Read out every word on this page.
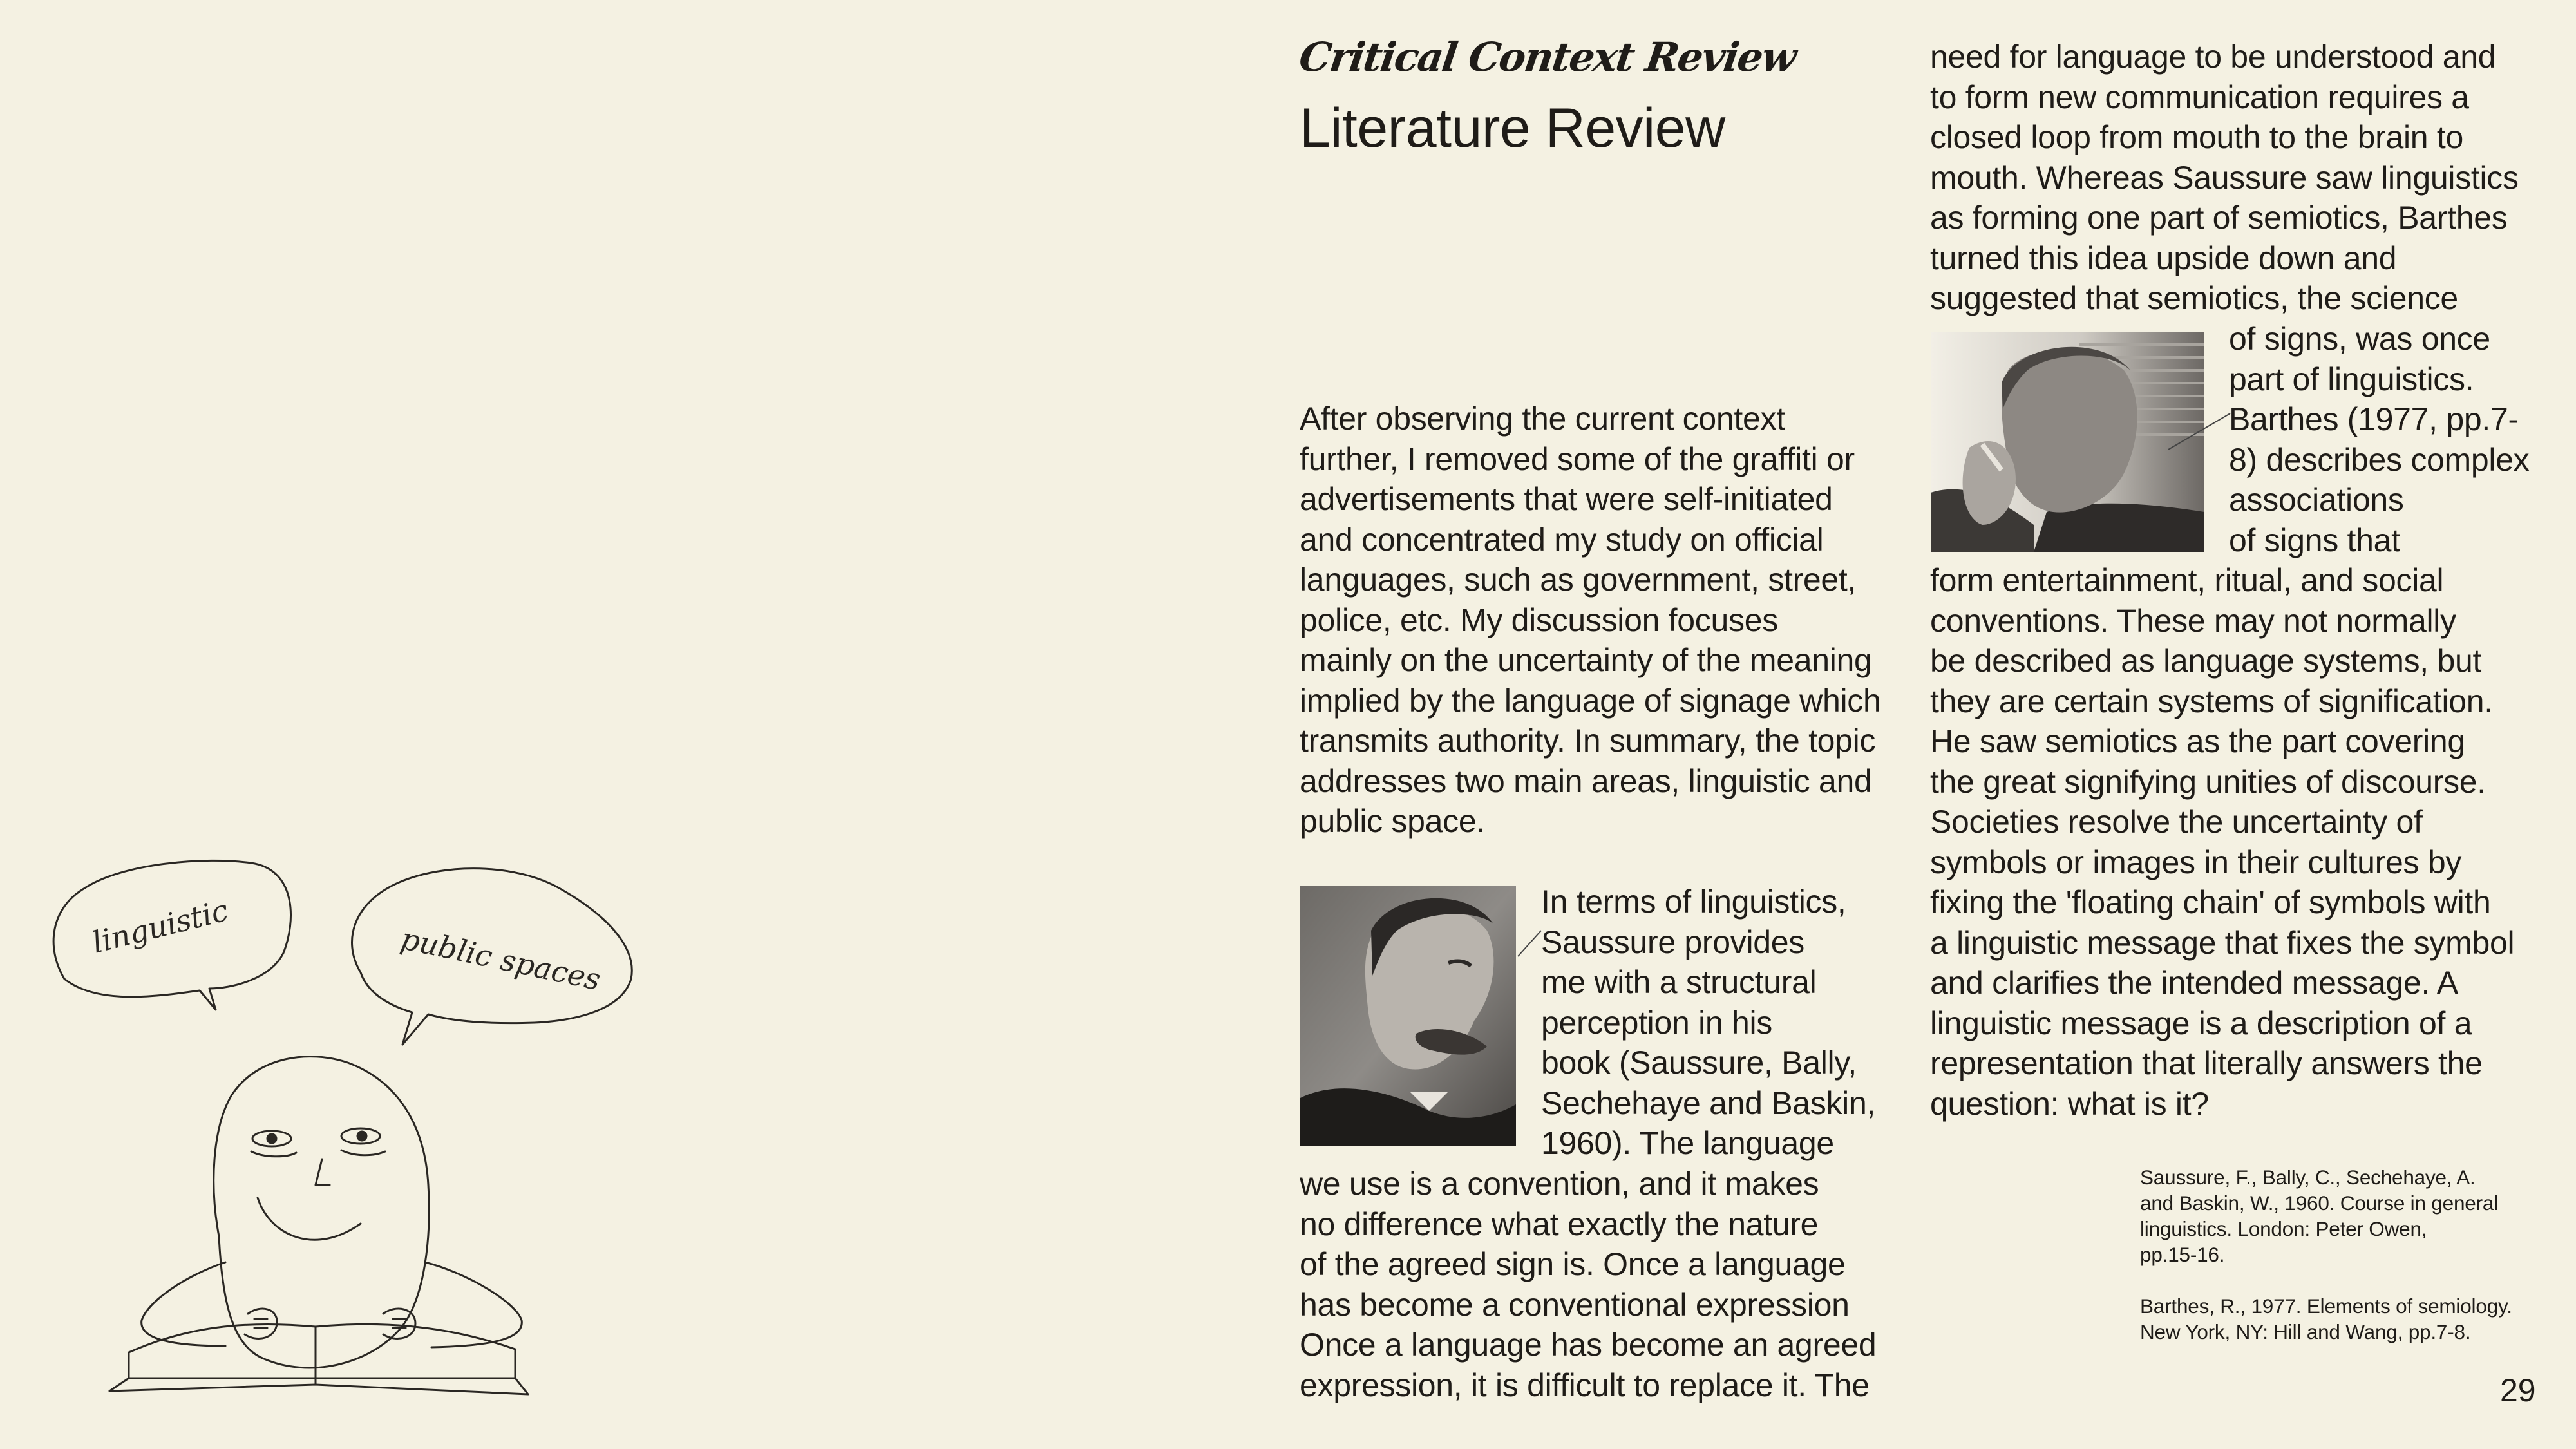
linguistic	public spaces
Critical Context Review
Literature Review
After observing the current context
further, I removed some of the graffiti or
advertisements that were self-initiated
and concentrated my study on official
languages, such as government, street,
police, etc. My discussion focuses
mainly on the uncertainty of the meaning
implied by the language of signage which
transmits authority. In summary, the topic
addresses two main areas, linguistic and
public space.
In terms of linguistics,
Saussure provides
me with a structural
perception in his
book (Saussure, Bally,
Sechehaye and Baskin,
1960). The language
we use is a convention, and it makes
no difference what exactly the nature
of the agreed sign is. Once a language
has become a conventional expression
Once a language has become an agreed
expression, it is difficult to replace it. The
need for language to be understood and
to form new communication requires a
closed loop from mouth to the brain to
mouth. Whereas Saussure saw linguistics
as forming one part of semiotics, Barthes
turned this idea upside down and
suggested that semiotics, the science
of signs, was once
part of linguistics.
Barthes (1977, pp.7-
8) describes complex
associations
of signs that
form entertainment, ritual, and social
conventions. These may not normally
be described as language systems, but
they are certain systems of signification.
He saw semiotics as the part covering
the great signifying unities of discourse.
Societies resolve the uncertainty of
symbols or images in their cultures by
fixing the 'floating chain' of symbols with
a linguistic message that fixes the symbol
and clarifies the intended message. A
linguistic message is a description of a
representation that literally answers the
question: what is it?
Saussure, F., Bally, C., Sechehaye, A.
and Baskin, W., 1960. Course in general
linguistics. London: Peter Owen,
pp.15-16.
Barthes, R., 1977. Elements of semiology.
New York, NY: Hill and Wang, pp.7-8.
29
